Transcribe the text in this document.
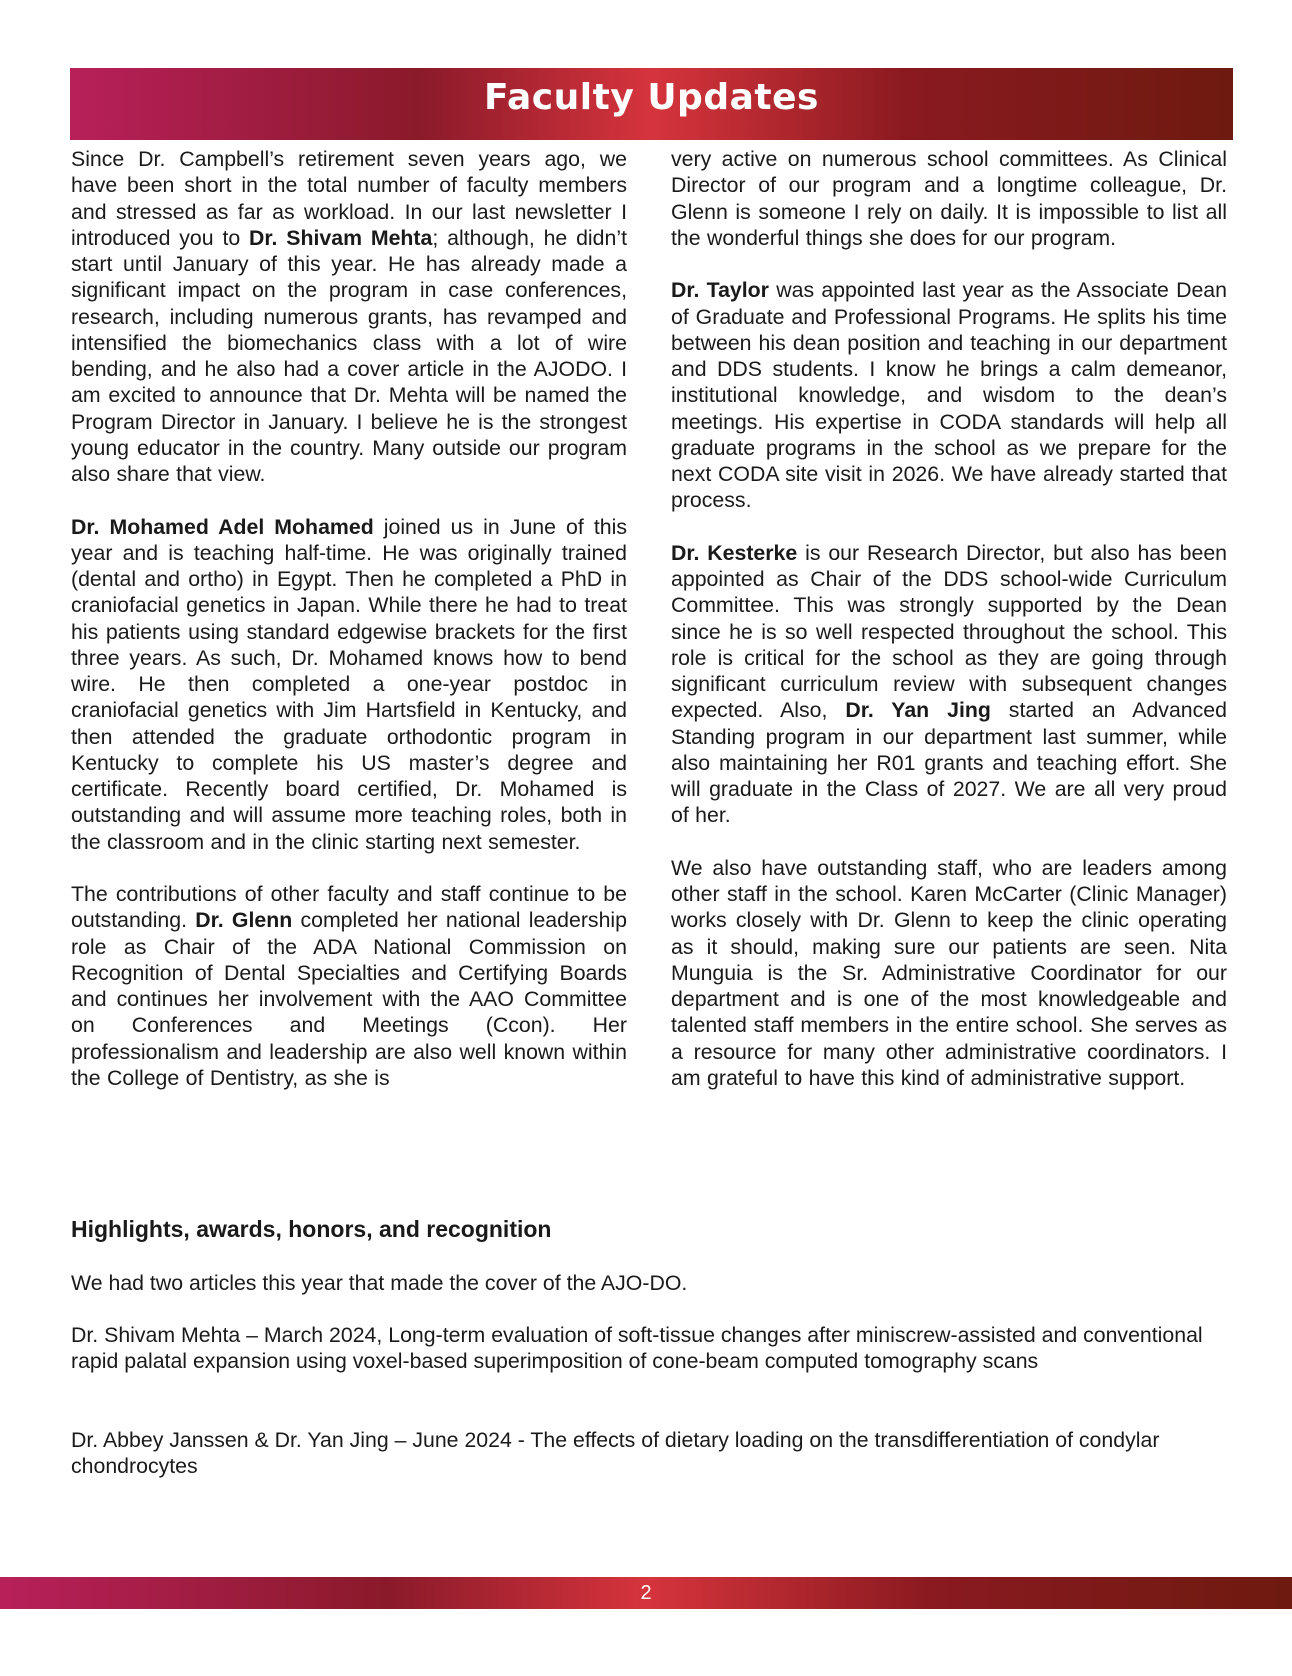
Faculty Updates

Since Dr. Campbell’s retirement seven years ago, we have been short in the total number of faculty members and stressed as far as workload. In our last newsletter I introduced you to Dr. Shivam Mehta; although, he didn’t start until January of this year. He has already made a significant impact on the program in case conferences, research, including numerous grants, has revamped and intensified the biomechanics class with a lot of wire bending, and he also had a cover article in the AJODO. I am excited to announce that Dr. Mehta will be named the Program Director in January. I believe he is the strongest young educator in the country. Many outside our program also share that view.

Dr. Mohamed Adel Mohamed joined us in June of this year and is teaching half-time. He was originally trained (dental and ortho) in Egypt. Then he completed a PhD in craniofacial genetics in Japan. While there he had to treat his patients using standard edgewise brackets for the first three years. As such, Dr. Mohamed knows how to bend wire. He then completed a one-year postdoc in craniofacial genetics with Jim Hartsfield in Kentucky, and then attended the graduate orthodontic program in Kentucky to complete his US master’s degree and certificate. Recently board certified, Dr. Mohamed is outstanding and will assume more teaching roles, both in the classroom and in the clinic starting next semester.

The contributions of other faculty and staff continue to be outstanding. Dr. Glenn completed her national leadership role as Chair of the ADA National Commission on Recognition of Dental Specialties and Certifying Boards and continues her involvement with the AAO Committee on Conferences and Meetings (Ccon). Her professionalism and leadership are also well known within the College of Dentistry, as she is

very active on numerous school committees. As Clinical Director of our program and a longtime colleague, Dr. Glenn is someone I rely on daily. It is impossible to list all the wonderful things she does for our program.

Dr. Taylor was appointed last year as the Associate Dean of Graduate and Professional Programs. He splits his time between his dean position and teaching in our department and DDS students. I know he brings a calm demeanor, institutional knowledge, and wisdom to the dean’s meetings. His expertise in CODA standards will help all graduate programs in the school as we prepare for the next CODA site visit in 2026. We have already started that process.

Dr. Kesterke is our Research Director, but also has been appointed as Chair of the DDS school-wide Curriculum Committee. This was strongly supported by the Dean since he is so well respected throughout the school. This role is critical for the school as they are going through significant curriculum review with subsequent changes expected. Also, Dr. Yan Jing started an Advanced Standing program in our department last summer, while also maintaining her R01 grants and teaching effort. She will graduate in the Class of 2027. We are all very proud of her.

We also have outstanding staff, who are leaders among other staff in the school. Karen McCarter (Clinic Manager) works closely with Dr. Glenn to keep the clinic operating as it should, making sure our patients are seen. Nita Munguia is the Sr. Administrative Coordinator for our department and is one of the most knowledgeable and talented staff members in the entire school. She serves as a resource for many other administrative coordinators. I am grateful to have this kind of administrative support.

Highlights, awards, honors, and recognition

We had two articles this year that made the cover of the AJO-DO.

Dr. Shivam Mehta – March 2024, Long-term evaluation of soft-tissue changes after miniscrew-assisted and conventional rapid palatal expansion using voxel-based superimposition of cone-beam computed tomography scans

Dr. Abbey Janssen & Dr. Yan Jing – June 2024 - The effects of dietary loading on the transdifferentiation of condylar chondrocytes

2
